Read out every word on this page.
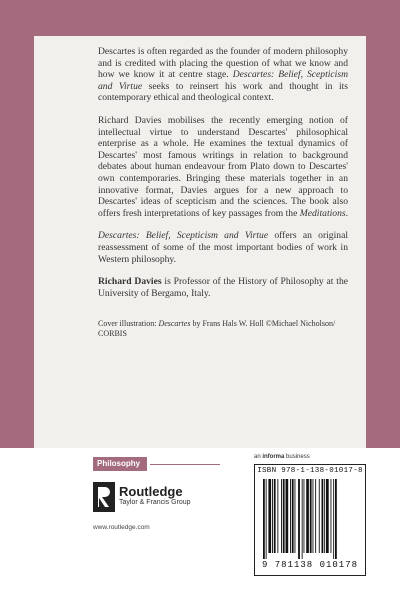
Descartes is often regarded as the founder of modern philosophy and is credited with placing the question of what we know and how we know it at centre stage. Descartes: Belief, Scepticism and Virtue seeks to reinsert his work and thought in its contemporary ethical and theological context.

Richard Davies mobilises the recently emerging notion of intellectual virtue to understand Descartes' philosophical enterprise as a whole. He examines the textual dynamics of Descartes' most famous writings in relation to background debates about human endeavour from Plato down to Descartes' own contemporaries. Bringing these materials together in an innovative format, Davies argues for a new approach to Descartes' ideas of scepticism and the sciences. The book also offers fresh interpretations of key passages from the Meditations.

Descartes: Belief, Scepticism and Virtue offers an original reassessment of some of the most important bodies of work in Western philosophy.

Richard Davies is Professor of the History of Philosophy at the University of Bergamo, Italy.

Cover illustration: Descartes by Frans Hals W. Holl ©Michael Nicholson/ CORBIS
Philosophy
Routledge
Taylor & Francis Group
www.routledge.com
an informa business
ISBN 978-1-138-01017-8
9 781138 010178
